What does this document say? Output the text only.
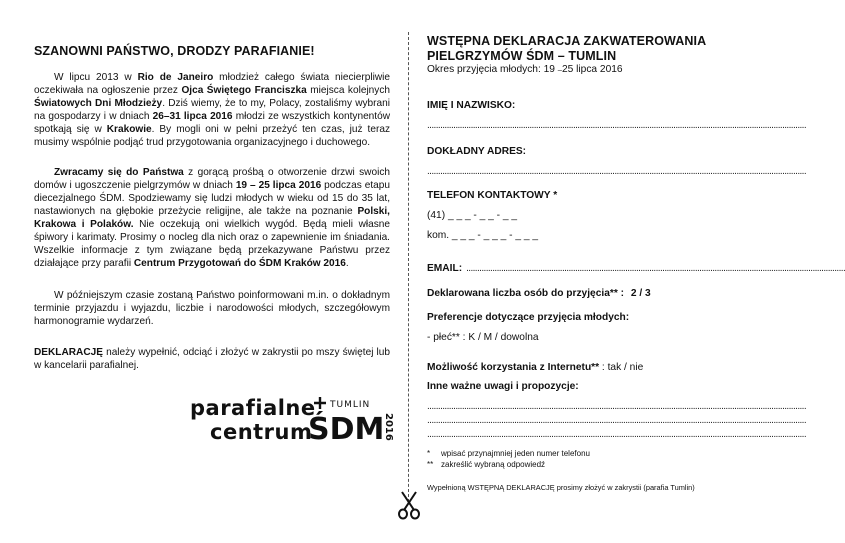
SZANOWNI PAŃSTWO, DRODZY PARAFIANIE!

W lipcu 2013 w Rio de Janeiro młodzież całego świata niecierpliwie oczekiwała na ogłoszenie przez Ojca Świętego Franciszka miejsca kolejnych Światowych Dni Młodzieży. Dziś wiemy, że to my, Polacy, zostaliśmy wybrani na gospodarzy i w dniach 26–31 lipca 2016 młodzi ze wszystkich kontynentów spotkają się w Krakowie. By mogli oni w pełni przeżyć ten czas, już teraz musimy wspólnie podjąć trud przygotowania organizacyjnego i duchowego.

Zwracamy się do Państwa z gorącą prośbą o otworzenie drzwi swoich domów i ugoszczenie pielgrzymów w dniach 19 – 25 lipca 2016 podczas etapu diecezjalnego ŚDM. Spodziewamy się ludzi młodych w wieku od 15 do 35 lat, nastawionych na głębokie przeżycie religijne, ale także na poznanie Polski, Krakowa i Polaków. Nie oczekują oni wielkich wygód. Będą mieli własne śpiwory i karimaty. Prosimy o nocleg dla nich oraz o zapewnienie im śniadania. Wszelkie informacje z tym związane będą przekazywane Państwu przez działające przy parafii Centrum Przygotowań do ŚDM Kraków 2016.

W późniejszym czasie zostaną Państwo poinformowani m.in. o dokładnym terminie przyjazdu i wyjazdu, liczbie i narodowości młodych, szczegółowym harmonogramie wydarzeń.

DEKLARACJĘ należy wypełnić, odciąć i złożyć w zakrystii po mszy świętej lub w kancelarii parafialnej.

parafialne
centrum
ŚDM
TUMLIN
2016
WSTĘPNA DEKLARACJA ZAKWATEROWANIA
PIELGRZYMÓW ŚDM – TUMLIN
Okres przyjęcia młodych: 19 –25 lipca 2016
IMIĘ I NAZWISKO:
..............................................................................................................................................................................
DOKŁADNY ADRES:
..............................................................................................................................................................................
TELEFON KONTAKTOWY *
(41) _ _ _ - _ _ - _ _
kom. _ _ _ - _ _ _ - _ _ _
EMAIL: ..............................................................................................................................................................................
Deklarowana liczba osób do przyjęcia** : 2 / 3
Preferencje dotyczące przyjęcia młodych:
- płeć** : K / M / dowolna
Możliwość korzystania z Internetu** : tak / nie
Inne ważne uwagi i propozycje:
..............................................................................................................................................................................
..............................................................................................................................................................................
..............................................................................................................................................................................
* wpisać przynajmniej jeden numer telefonu
** zakreślić wybraną odpowiedź
Wypełnioną WSTĘPNĄ DEKLARACJĘ prosimy złożyć w zakrystii (parafia Tumlin)
